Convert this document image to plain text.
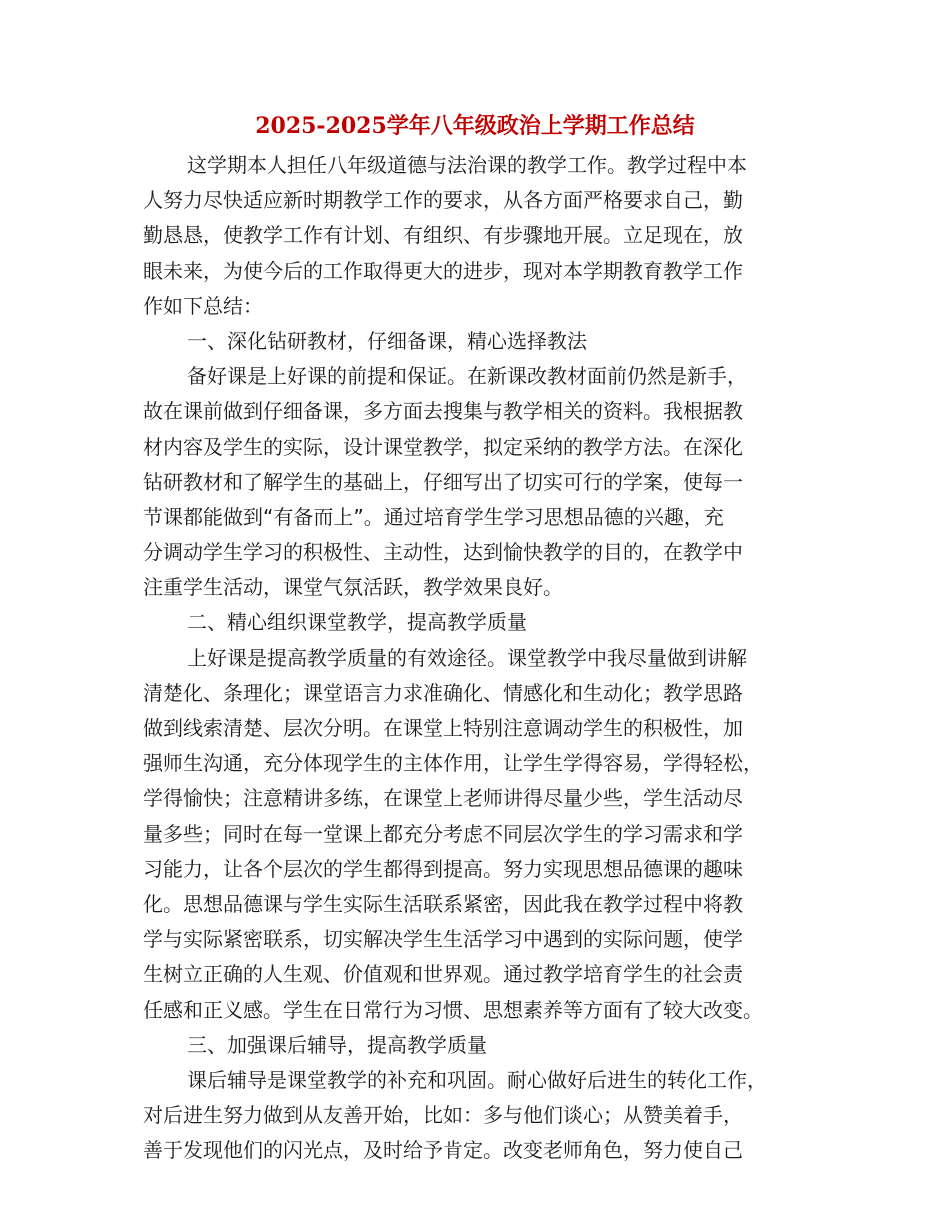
2025-2025学年八年级政治上学期工作总结

这学期本人担任八年级道德与法治课的教学工作。教学过程中本

人努力尽快适应新时期教学工作的要求，从各方面严格要求自己，勤

勤恳恳，使教学工作有计划、有组织、有步骤地开展。立足现在，放

眼未来，为使今后的工作取得更大的进步，现对本学期教育教学工作

作如下总结：

一、深化钻研教材，仔细备课，精心选择教法

备好课是上好课的前提和保证。在新课改教材面前仍然是新手，

故在课前做到仔细备课，多方面去搜集与教学相关的资料。我根据教

材内容及学生的实际，设计课堂教学，拟定采纳的教学方法。在深化

钻研教材和了解学生的基础上，仔细写出了切实可行的学案，使每一

节课都能做到“有备而上”。通过培育学生学习思想品德的兴趣，充

分调动学生学习的积极性、主动性，达到愉快教学的目的，在教学中

注重学生活动，课堂气氛活跃，教学效果良好。

二、精心组织课堂教学，提高教学质量

上好课是提高教学质量的有效途径。课堂教学中我尽量做到讲解

清楚化、条理化；课堂语言力求准确化、情感化和生动化；教学思路

做到线索清楚、层次分明。在课堂上特别注意调动学生的积极性，加

强师生沟通，充分体现学生的主体作用，让学生学得容易，学得轻松，

学得愉快；注意精讲多练，在课堂上老师讲得尽量少些，学生活动尽

量多些；同时在每一堂课上都充分考虑不同层次学生的学习需求和学

习能力，让各个层次的学生都得到提高。努力实现思想品德课的趣味

化。思想品德课与学生实际生活联系紧密，因此我在教学过程中将教

学与实际紧密联系，切实解决学生生活学习中遇到的实际问题，使学

生树立正确的人生观、价值观和世界观。通过教学培育学生的社会责

任感和正义感。学生在日常行为习惯、思想素养等方面有了较大改变。

三、加强课后辅导，提高教学质量

课后辅导是课堂教学的补充和巩固。耐心做好后进生的转化工作，

对后进生努力做到从友善开始，比如：多与他们谈心；从赞美着手，

善于发现他们的闪光点，及时给予肯定。改变老师角色，努力使自己
